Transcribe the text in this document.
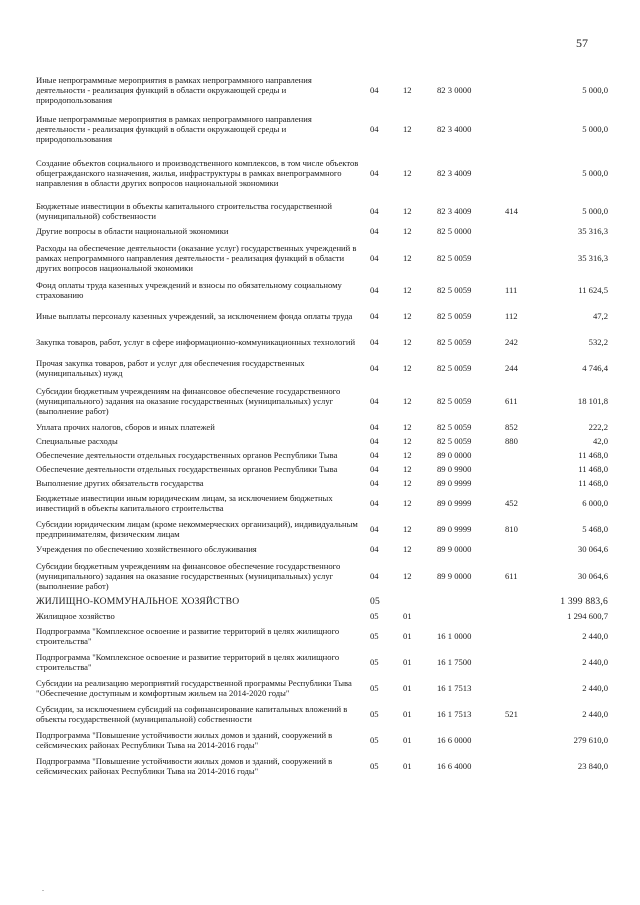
57
Иные непрограммные мероприятия в рамках непрограммного направления деятельности - реализация функций в области окружающей среды и природопользования	04	12	82 3 0000		5 000,0
Иные непрограммные мероприятия в рамках непрограммного направления деятельности - реализация функций в области окружающей среды и природопользования	04	12	82 3 4000		5 000,0
Создание объектов социального и производственного комплексов, в том числе объектов общегражданского назначения, жилья, инфраструктуры в рамках внепрограммного направления в области других вопросов национальной экономики	04	12	82 3 4009		5 000,0
Бюджетные инвестиции в объекты капитального строительства государственной (муниципальной) собственности	04	12	82 3 4009	414	5 000,0
Другие вопросы в области национальной экономики	04	12	82 5 0000		35 316,3
Расходы на обеспечение деятельности (оказание услуг) государственных учреждений в рамках непрограммного направления деятельности - реализация функций в области других вопросов национальной экономики	04	12	82 5 0059		35 316,3
Фонд оплаты труда казенных учреждений и взносы по обязательному социальному страхованию	04	12	82 5 0059	111	11 624,5
Иные выплаты персоналу казенных учреждений, за исключением фонда оплаты труда	04	12	82 5 0059	112	47,2
Закупка товаров, работ, услуг в сфере информационно-коммуникационных технологий	04	12	82 5 0059	242	532,2
Прочая закупка товаров, работ и услуг для обеспечения государственных (муниципальных) нужд	04	12	82 5 0059	244	4 746,4
Субсидии бюджетным учреждениям на финансовое обеспечение государственного (муниципального) задания на оказание государственных (муниципальных) услуг (выполнение работ)	04	12	82 5 0059	611	18 101,8
Уплата прочих налогов, сборов и иных платежей	04	12	82 5 0059	852	222,2
Специальные расходы	04	12	82 5 0059	880	42,0
Обеспечение деятельности отдельных государственных органов Республики Тыва	04	12	89 0 0000		11 468,0
Обеспечение деятельности отдельных государственных органов Республики Тыва	04	12	89 0 9900		11 468,0
Выполнение других обязательств государства	04	12	89 0 9999		11 468,0
Бюджетные инвестиции иным юридическим лицам, за исключением бюджетных инвестиций в объекты капитального строительства	04	12	89 0 9999	452	6 000,0
Субсидии юридическим лицам (кроме некоммерческих организаций), индивидуальным предпринимателям, физическим лицам	04	12	89 0 9999	810	5 468,0
Учреждения по обеспечению хозяйственного обслуживания	04	12	89 9 0000		30 064,6
Субсидии бюджетным учреждениям на финансовое обеспечение государственного (муниципального) задания на оказание государственных (муниципальных) услуг (выполнение работ)	04	12	89 9 0000	611	30 064,6
ЖИЛИЩНО-КОММУНАЛЬНОЕ ХОЗЯЙСТВО	05				1 399 883,6
Жилищное хозяйство	05	01			1 294 600,7
Подпрограмма "Комплексное освоение и развитие территорий в целях жилищного строительства"	05	01	16 1 0000		2 440,0
Подпрограмма "Комплексное освоение и развитие территорий в целях жилищного строительства"	05	01	16 1 7500		2 440,0
Субсидии на реализацию мероприятий государственной программы Республики Тыва "Обеспечение доступным и комфортным жильем на 2014-2020 годы"	05	01	16 1 7513		2 440,0
Субсидии, за исключением субсидий на софинансирование капитальных вложений в объекты государственной (муниципальной) собственности	05	01	16 1 7513	521	2 440,0
Подпрограмма "Повышение устойчивости жилых домов и зданий, сооружений в сейсмических районах Республики Тыва на 2014-2016 годы"	05	01	16 6 0000		279 610,0
Подпрограмма "Повышение устойчивости жилых домов и зданий, сооружений в сейсмических районах Республики Тыва на 2014-2016 годы"	05	01	16 6 4000		23 840,0
.
